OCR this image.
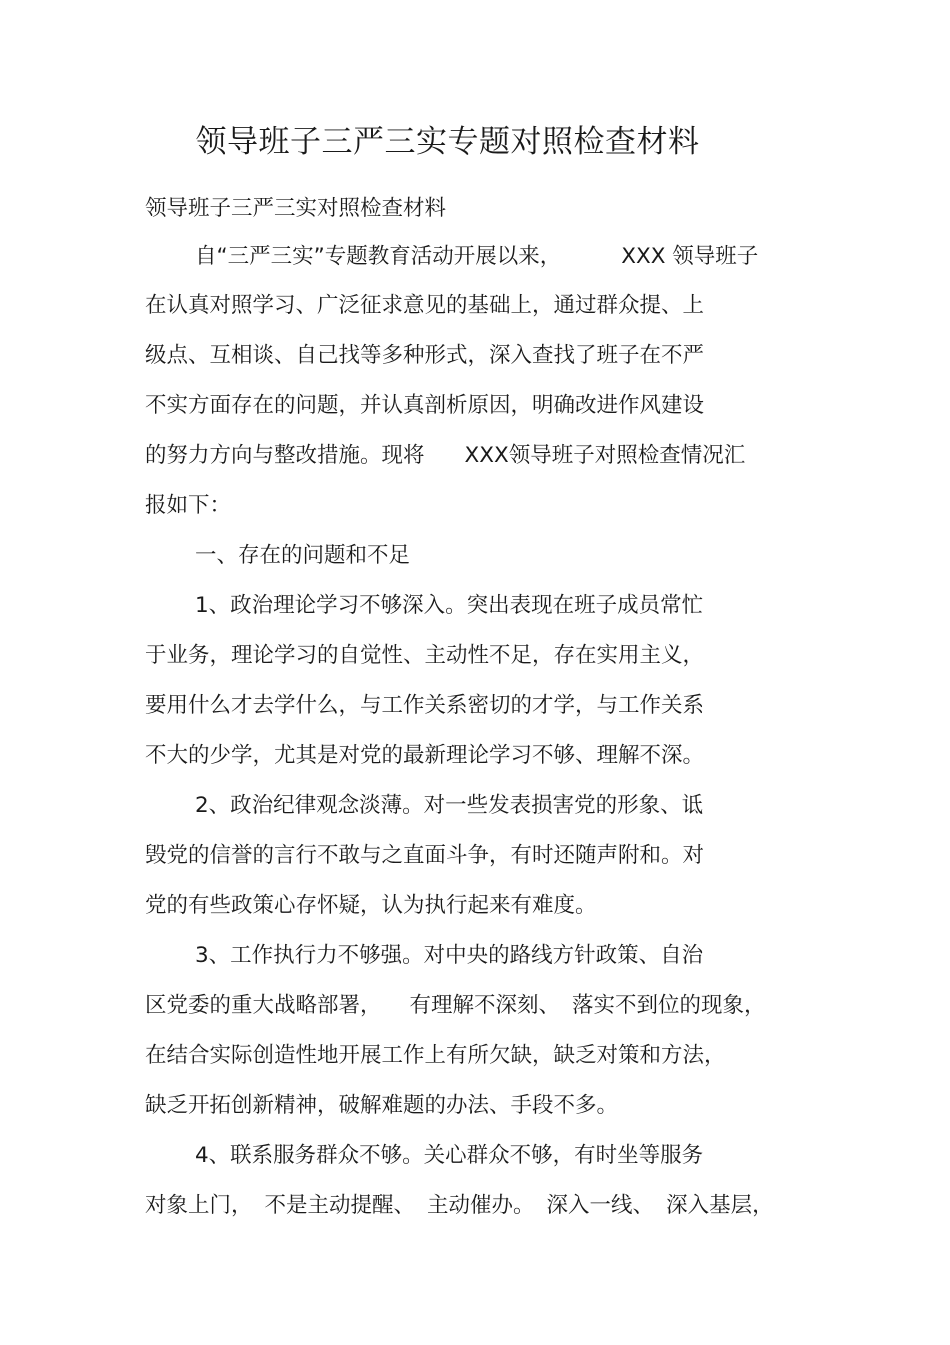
领导班子三严三实专题对照检查材料
领导班子三严三实对照检查材料
自“三严三实”专题教育活动开展以来，	XXX 领导班子
在认真对照学习、广泛征求意见的基础上，通过群众提、上
级点、互相谈、自己找等多种形式，深入查找了班子在不严
不实方面存在的问题，并认真剖析原因，明确改进作风建设
的努力方向与整改措施。现将 XXX领导班子对照检查情况汇
报如下：
一、存在的问题和不足
1、政治理论学习不够深入。突出表现在班子成员常忙
于业务，理论学习的自觉性、主动性不足，存在实用主义，
要用什么才去学什么，与工作关系密切的才学，与工作关系
不大的少学，尤其是对党的最新理论学习不够、理解不深。
2、政治纪律观念淡薄。对一些发表损害党的形象、诋
毁党的信誉的言行不敢与之直面斗争，有时还随声附和。对
党的有些政策心存怀疑，认为执行起来有难度。
3、工作执行力不够强。对中央的路线方针政策、自治
区党委的重大战略部署， 有理解不深刻、 落实不到位的现象，
在结合实际创造性地开展工作上有所欠缺，缺乏对策和方法，
缺乏开拓创新精神，破解难题的办法、手段不多。
4、联系服务群众不够。关心群众不够，有时坐等服务
对象上门， 不是主动提醒、 主动催办。 深入一线、 深入基层，
